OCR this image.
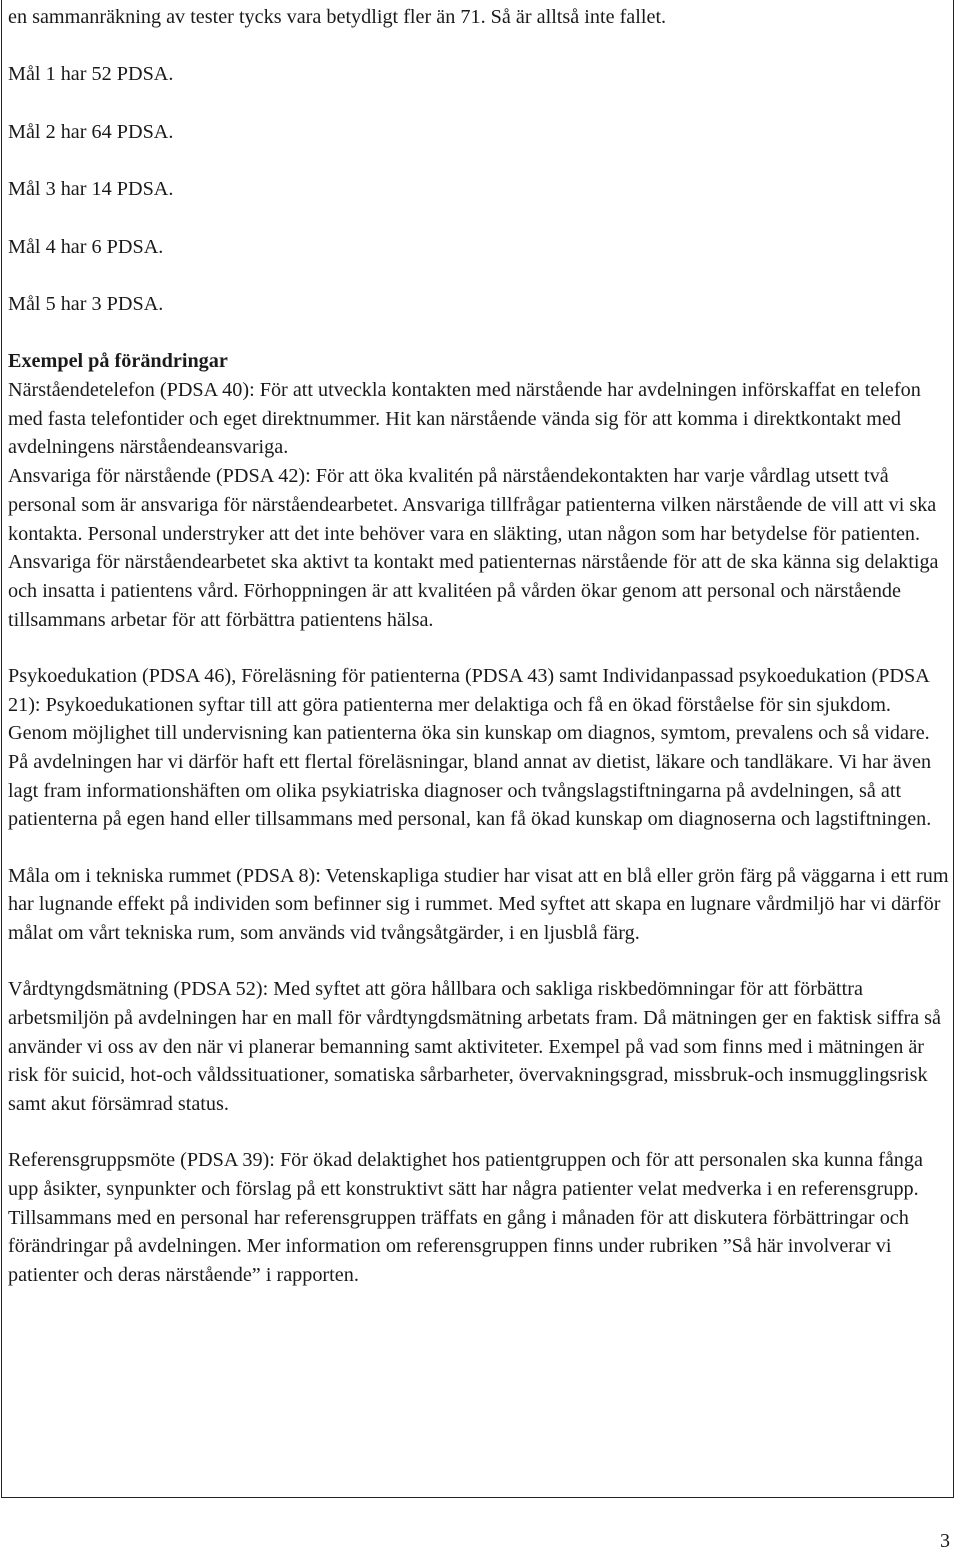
en sammanräkning av tester tycks vara betydligt fler än 71. Så är alltså inte fallet.

Mål 1 har 52 PDSA.

Mål 2 har 64 PDSA.

Mål 3 har 14 PDSA.

Mål 4 har 6 PDSA.

Mål 5 har 3 PDSA.

Exempel på förändringar

Närståendetelefon (PDSA 40): För att utveckla kontakten med närstående har avdelningen införskaffat en telefon med fasta telefontider och eget direktnummer. Hit kan närstående vända sig för att komma i direktkontakt med avdelningens närståendeansvariga.

Ansvariga för närstående (PDSA 42): För att öka kvalitén på närståendekontakten har varje vårdlag utsett två personal som är ansvariga för närståendearbetet. Ansvariga tillfrågar patienterna vilken närstående de vill att vi ska kontakta. Personal understryker att det inte behöver vara en släkting, utan någon som har betydelse för patienten. Ansvariga för närståendearbetet ska aktivt ta kontakt med patienternas närstående för att de ska känna sig delaktiga och insatta i patientens vård. Förhoppningen är att kvalitéen på vården ökar genom att personal och närstående tillsammans arbetar för att förbättra patientens hälsa.

Psykoedukation (PDSA 46), Föreläsning för patienterna (PDSA 43) samt Individanpassad psykoedukation (PDSA 21): Psykoedukationen syftar till att göra patienterna mer delaktiga och få en ökad förståelse för sin sjukdom. Genom möjlighet till undervisning kan patienterna öka sin kunskap om diagnos, symtom, prevalens och så vidare. På avdelningen har vi därför haft ett flertal föreläsningar, bland annat av dietist, läkare och tandläkare. Vi har även lagt fram informationshäften om olika psykiatriska diagnoser och tvångslagstiftningarna på avdelningen, så att patienterna på egen hand eller tillsammans med personal, kan få ökad kunskap om diagnoserna och lagstiftningen.

Måla om i tekniska rummet (PDSA 8): Vetenskapliga studier har visat att en blå eller grön färg på väggarna i ett rum har lugnande effekt på individen som befinner sig i rummet. Med syftet att skapa en lugnare vårdmiljö har vi därför målat om vårt tekniska rum, som används vid tvångsåtgärder, i en ljusblå färg.

Vårdtyngdsmätning (PDSA 52): Med syftet att göra hållbara och sakliga riskbedömningar för att förbättra arbetsmiljön på avdelningen har en mall för vårdtyngdsmätning arbetats fram. Då mätningen ger en faktisk siffra så använder vi oss av den när vi planerar bemanning samt aktiviteter. Exempel på vad som finns med i mätningen är risk för suicid, hot-och våldssituationer, somatiska sårbarheter, övervakningsgrad, missbruk-och insmugglingsrisk samt akut försämrad status.

Referensgruppsmöte (PDSA 39): För ökad delaktighet hos patientgruppen och för att personalen ska kunna fånga upp åsikter, synpunkter och förslag på ett konstruktivt sätt har några patienter velat medverka i en referensgrupp. Tillsammans med en personal har referensgruppen träffats en gång i månaden för att diskutera förbättringar och förändringar på avdelningen. Mer information om referensgruppen finns under rubriken ”Så här involverar vi patienter och deras närstående” i rapporten.

3
